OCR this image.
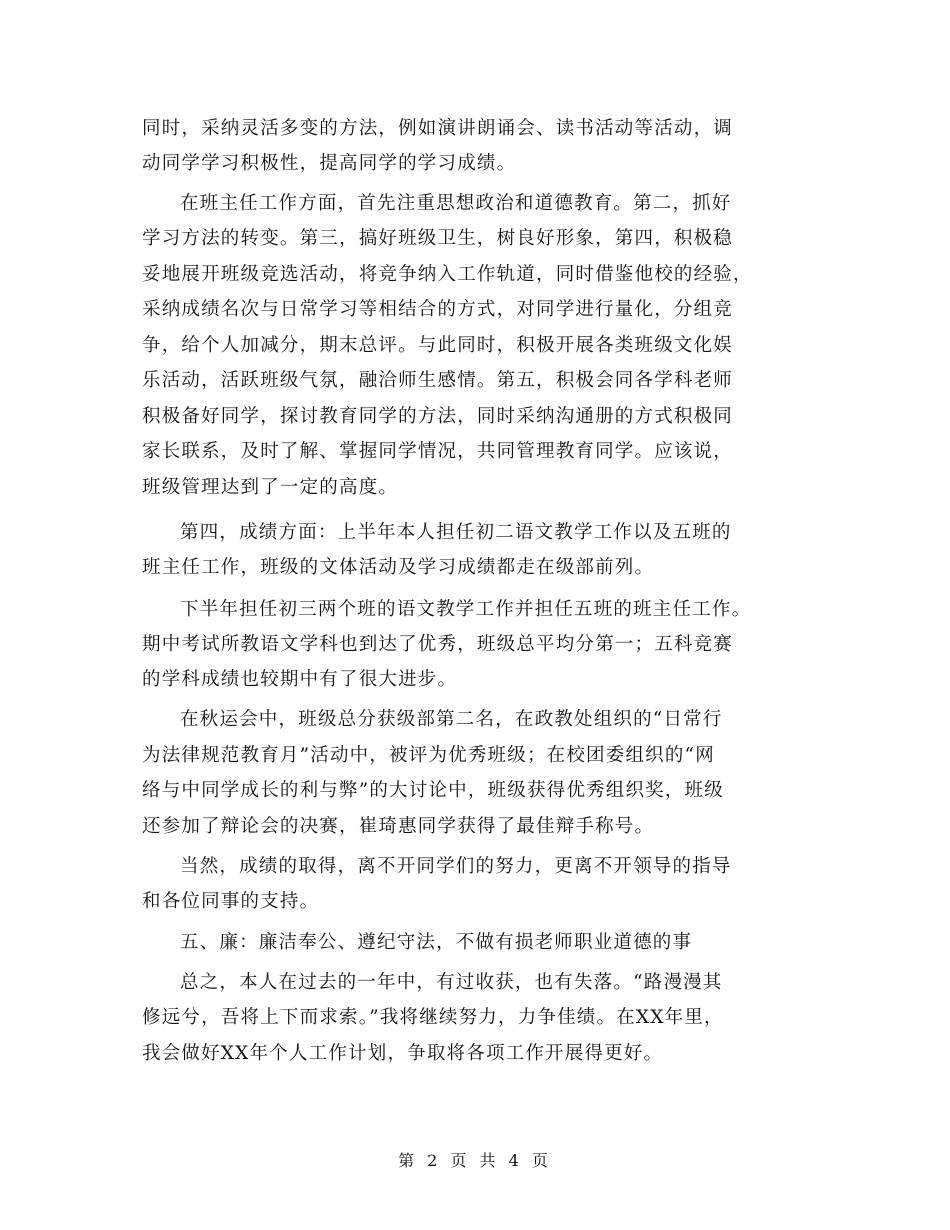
同时，采纳灵活多变的方法，例如演讲朗诵会、读书活动等活动，调
动同学学习积极性，提高同学的学习成绩。
在班主任工作方面，首先注重思想政治和道德教育。第二，抓好
学习方法的转变。第三，搞好班级卫生，树良好形象，第四，积极稳
妥地展开班级竞选活动，将竞争纳入工作轨道，同时借鉴他校的经验，
采纳成绩名次与日常学习等相结合的方式，对同学进行量化，分组竞
争，给个人加减分，期末总评。与此同时，积极开展各类班级文化娱
乐活动，活跃班级气氛，融洽师生感情。第五，积极会同各学科老师
积极备好同学，探讨教育同学的方法，同时采纳沟通册的方式积极同
家长联系，及时了解、掌握同学情况，共同管理教育同学。应该说，
班级管理达到了一定的高度。
第四，成绩方面：上半年本人担任初二语文教学工作以及五班的
班主任工作，班级的文体活动及学习成绩都走在级部前列。
下半年担任初三两个班的语文教学工作并担任五班的班主任工作。
期中考试所教语文学科也到达了优秀，班级总平均分第一；五科竞赛
的学科成绩也较期中有了很大进步。
在秋运会中，班级总分获级部第二名，在政教处组织的“日常行
为法律规范教育月”活动中，被评为优秀班级；在校团委组织的“网
络与中同学成长的利与弊”的大讨论中，班级获得优秀组织奖，班级
还参加了辩论会的决赛，崔琦惠同学获得了最佳辩手称号。
当然，成绩的取得，离不开同学们的努力，更离不开领导的指导
和各位同事的支持。
五、廉：廉洁奉公、遵纪守法，不做有损老师职业道德的事
总之，本人在过去的一年中，有过收获，也有失落。“路漫漫其
修远兮，吾将上下而求索。”我将继续努力，力争佳绩。在XX年里，
我会做好XX年个人工作计划，争取将各项工作开展得更好。
第 2 页 共 4 页
